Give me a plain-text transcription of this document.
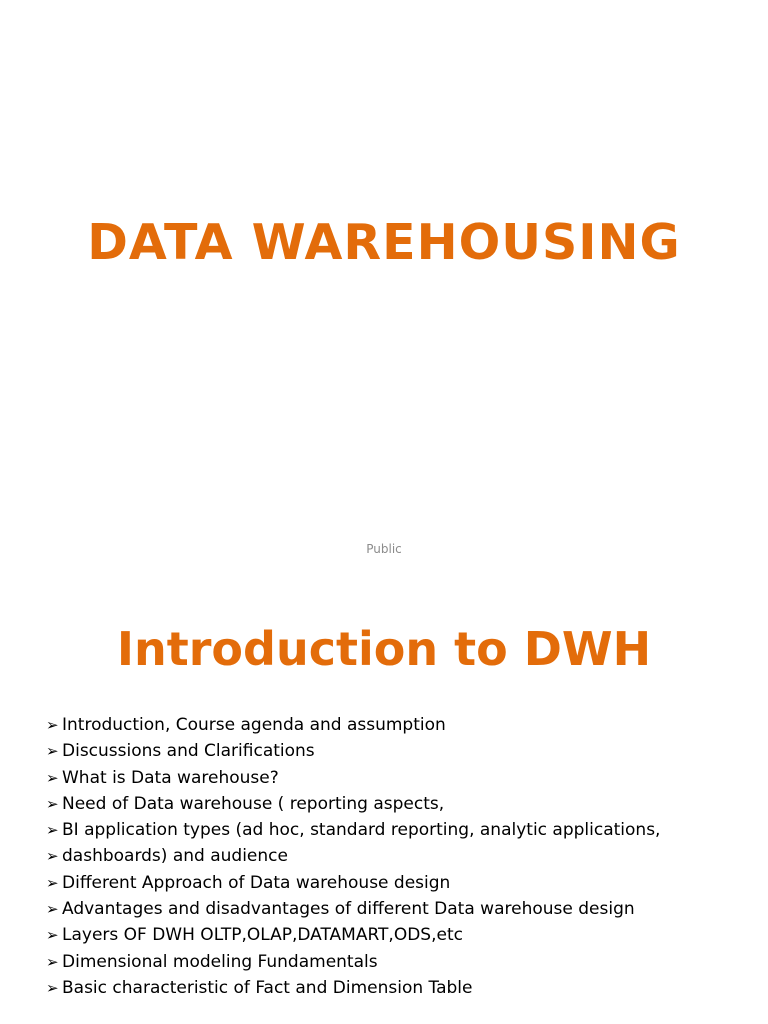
DATA WAREHOUSING
Public
Introduction to DWH
➢ Introduction, Course agenda and assumption
➢ Discussions and Clarifications
➢ What is Data warehouse?
➢ Need of Data warehouse ( reporting aspects,
➢ BI application types (ad hoc, standard reporting, analytic applications,
➢ dashboards) and audience
➢ Different Approach of Data warehouse design
➢ Advantages and disadvantages of different Data warehouse design
➢ Layers OF DWH OLTP,OLAP,DATAMART,ODS,etc
➢ Dimensional modeling Fundamentals
➢ Basic characteristic of Fact and Dimension Table
